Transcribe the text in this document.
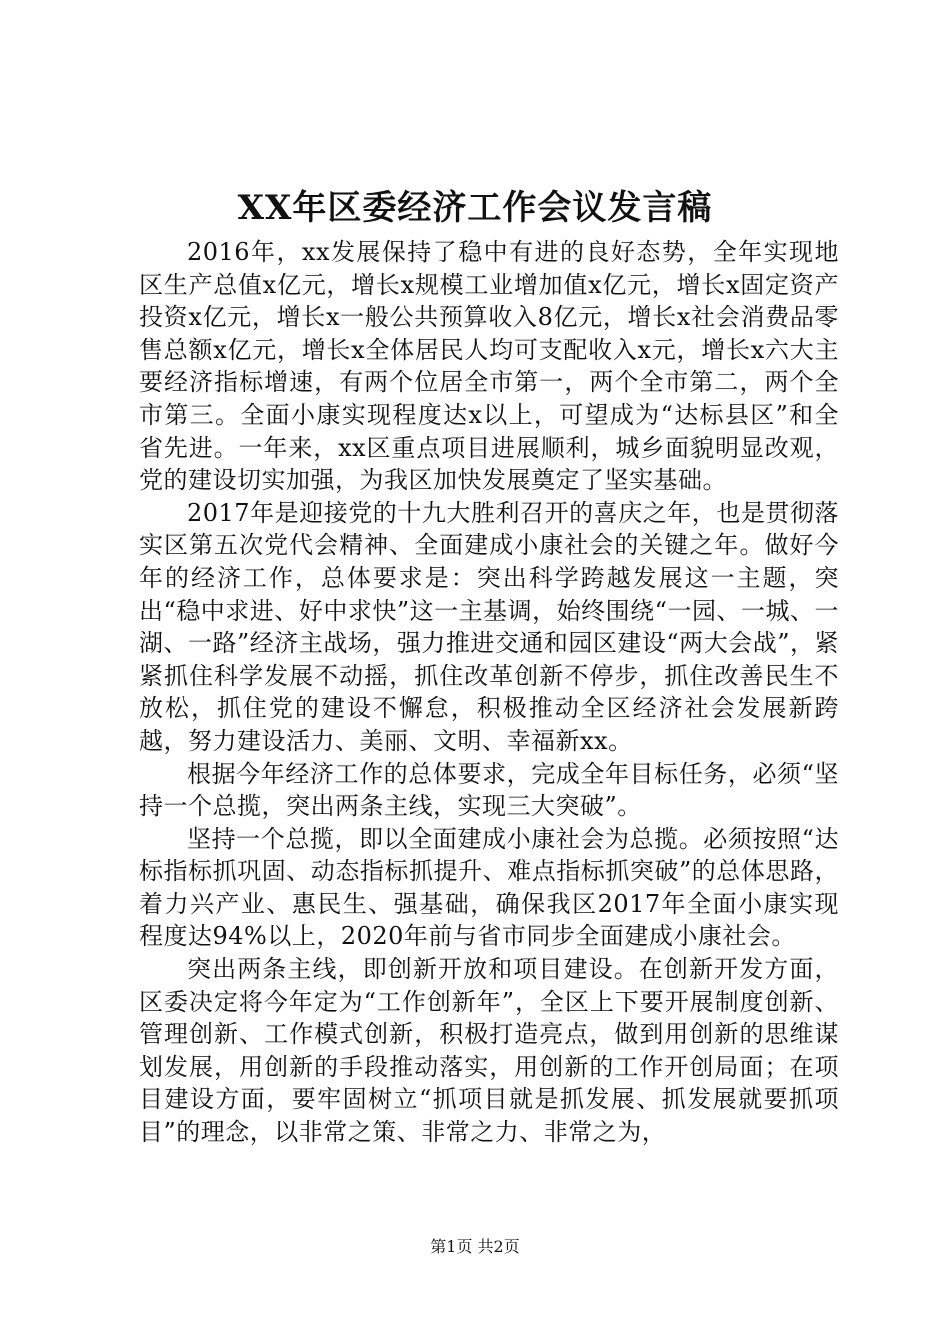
XX年区委经济工作会议发言稿

2016年，xx发展保持了稳中有进的良好态势，全年实现地区生产总值x亿元，增长x规模工业增加值x亿元，增长x固定资产投资x亿元，增长x一般公共预算收入8亿元，增长x社会消费品零售总额x亿元，增长x全体居民人均可支配收入x元，增长x六大主要经济指标增速，有两个位居全市第一，两个全市第二，两个全市第三。全面小康实现程度达x以上，可望成为“达标县区”和全省先进。一年来，xx区重点项目进展顺利，城乡面貌明显改观，党的建设切实加强，为我区加快发展奠定了坚实基础。

2017年是迎接党的十九大胜利召开的喜庆之年，也是贯彻落实区第五次党代会精神、全面建成小康社会的关键之年。做好今年的经济工作，总体要求是：突出科学跨越发展这一主题，突出“稳中求进、好中求快”这一主基调，始终围绕“一园、一城、一湖、一路”经济主战场，强力推进交通和园区建设“两大会战”，紧紧抓住科学发展不动摇，抓住改革创新不停步，抓住改善民生不放松，抓住党的建设不懈怠，积极推动全区经济社会发展新跨越，努力建设活力、美丽、文明、幸福新xx。

根据今年经济工作的总体要求，完成全年目标任务，必须“坚持一个总揽，突出两条主线，实现三大突破”。

坚持一个总揽，即以全面建成小康社会为总揽。必须按照“达标指标抓巩固、动态指标抓提升、难点指标抓突破”的总体思路，着力兴产业、惠民生、强基础，确保我区2017年全面小康实现程度达94%以上，2020年前与省市同步全面建成小康社会。

突出两条主线，即创新开放和项目建设。在创新开发方面，区委决定将今年定为“工作创新年”，全区上下要开展制度创新、管理创新、工作模式创新，积极打造亮点，做到用创新的思维谋划发展，用创新的手段推动落实，用创新的工作开创局面；在项目建设方面，要牢固树立“抓项目就是抓发展、抓发展就要抓项目”的理念，以非常之策、非常之力、非常之为，

第1页 共2页
